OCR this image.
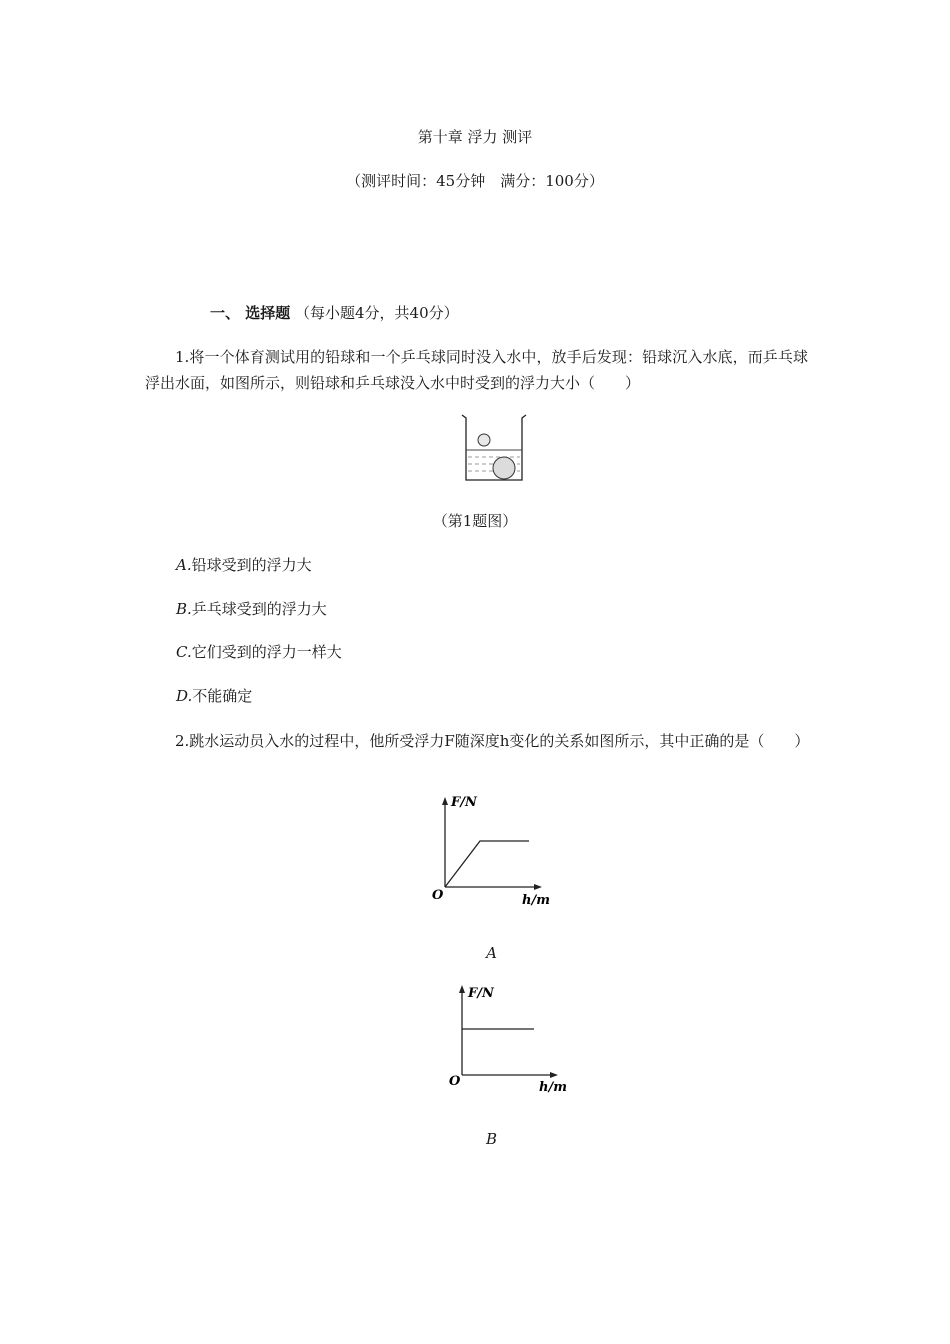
第十章 浮力 测评
（测评时间：45分钟　满分：100分）
一、 选择题 （每小题4分，共40分）
1.将一个体育测试用的铅球和一个乒乓球同时没入水中，放手后发现：铅球沉入水底，而乒乓球浮出水面，如图所示，则铅球和乒乓球没入水中时受到的浮力大小（　　）
（第1题图）
A.铅球受到的浮力大
B.乒乓球受到的浮力大
C.它们受到的浮力一样大
D.不能确定
2.跳水运动员入水的过程中，他所受浮力F随深度h变化的关系如图所示，其中正确的是（　　）
F/N
O	h/m
A
F/N
O	h/m
B
